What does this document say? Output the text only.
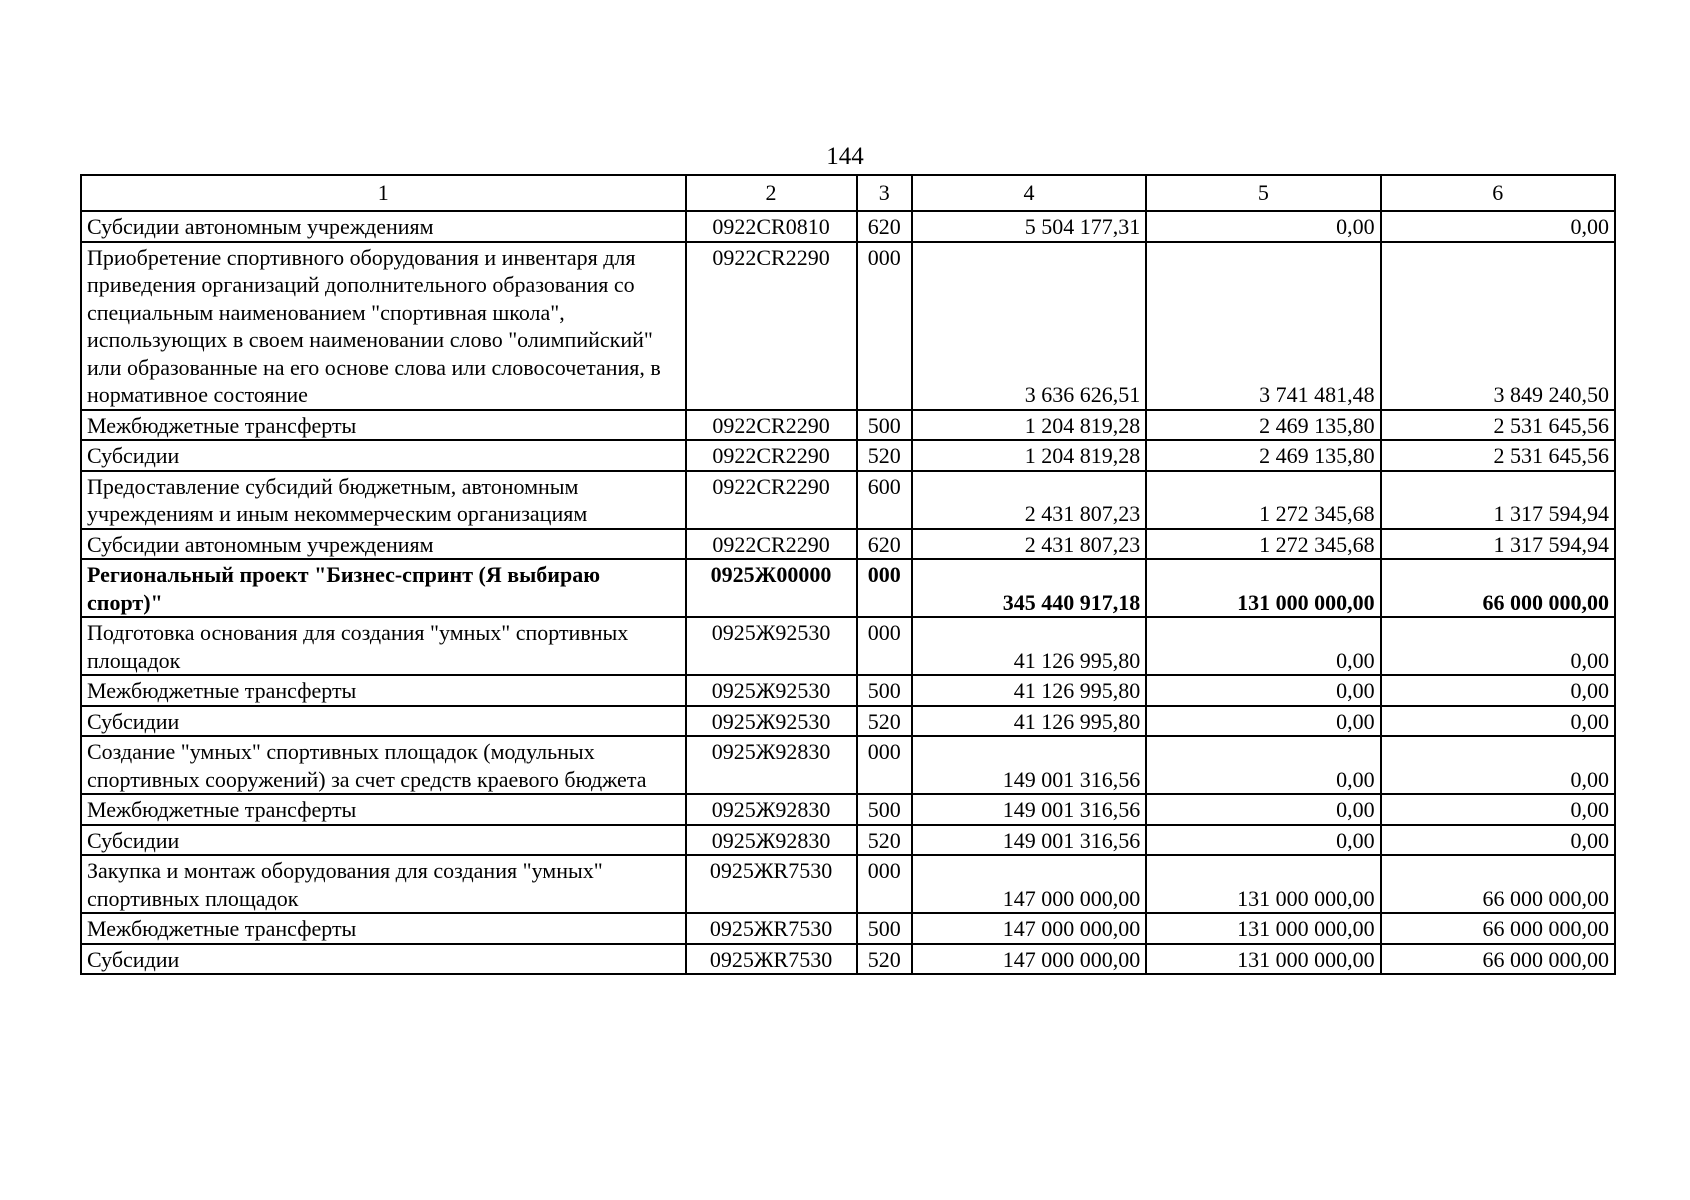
144
1	2	3	4	5	6
Субсидии автономным учреждениям	0922CR0810	620	5 504 177,31	0,00	0,00
Приобретение спортивного оборудования и инвентаря для приведения организаций дополнительного образования со специальным наименованием "спортивная школа", использующих в своем наименовании слово "олимпийский" или образованные на его основе слова или словосочетания, в нормативное состояние	0922CR2290	000	3 636 626,51	3 741 481,48	3 849 240,50
Межбюджетные трансферты	0922CR2290	500	1 204 819,28	2 469 135,80	2 531 645,56
Субсидии	0922CR2290	520	1 204 819,28	2 469 135,80	2 531 645,56
Предоставление субсидий бюджетным, автономным учреждениям и иным некоммерческим организациям	0922CR2290	600	2 431 807,23	1 272 345,68	1 317 594,94
Субсидии автономным учреждениям	0922CR2290	620	2 431 807,23	1 272 345,68	1 317 594,94
Региональный проект "Бизнес-спринт (Я выбираю спорт)"	0925Ж00000	000	345 440 917,18	131 000 000,00	66 000 000,00
Подготовка основания для создания "умных" спортивных площадок	0925Ж92530	000	41 126 995,80	0,00	0,00
Межбюджетные трансферты	0925Ж92530	500	41 126 995,80	0,00	0,00
Субсидии	0925Ж92530	520	41 126 995,80	0,00	0,00
Создание "умных" спортивных площадок (модульных спортивных сооружений) за счет средств краевого бюджета	0925Ж92830	000	149 001 316,56	0,00	0,00
Межбюджетные трансферты	0925Ж92830	500	149 001 316,56	0,00	0,00
Субсидии	0925Ж92830	520	149 001 316,56	0,00	0,00
Закупка и монтаж оборудования для создания "умных" спортивных площадок	0925ЖR7530	000	147 000 000,00	131 000 000,00	66 000 000,00
Межбюджетные трансферты	0925ЖR7530	500	147 000 000,00	131 000 000,00	66 000 000,00
Субсидии	0925ЖR7530	520	147 000 000,00	131 000 000,00	66 000 000,00
